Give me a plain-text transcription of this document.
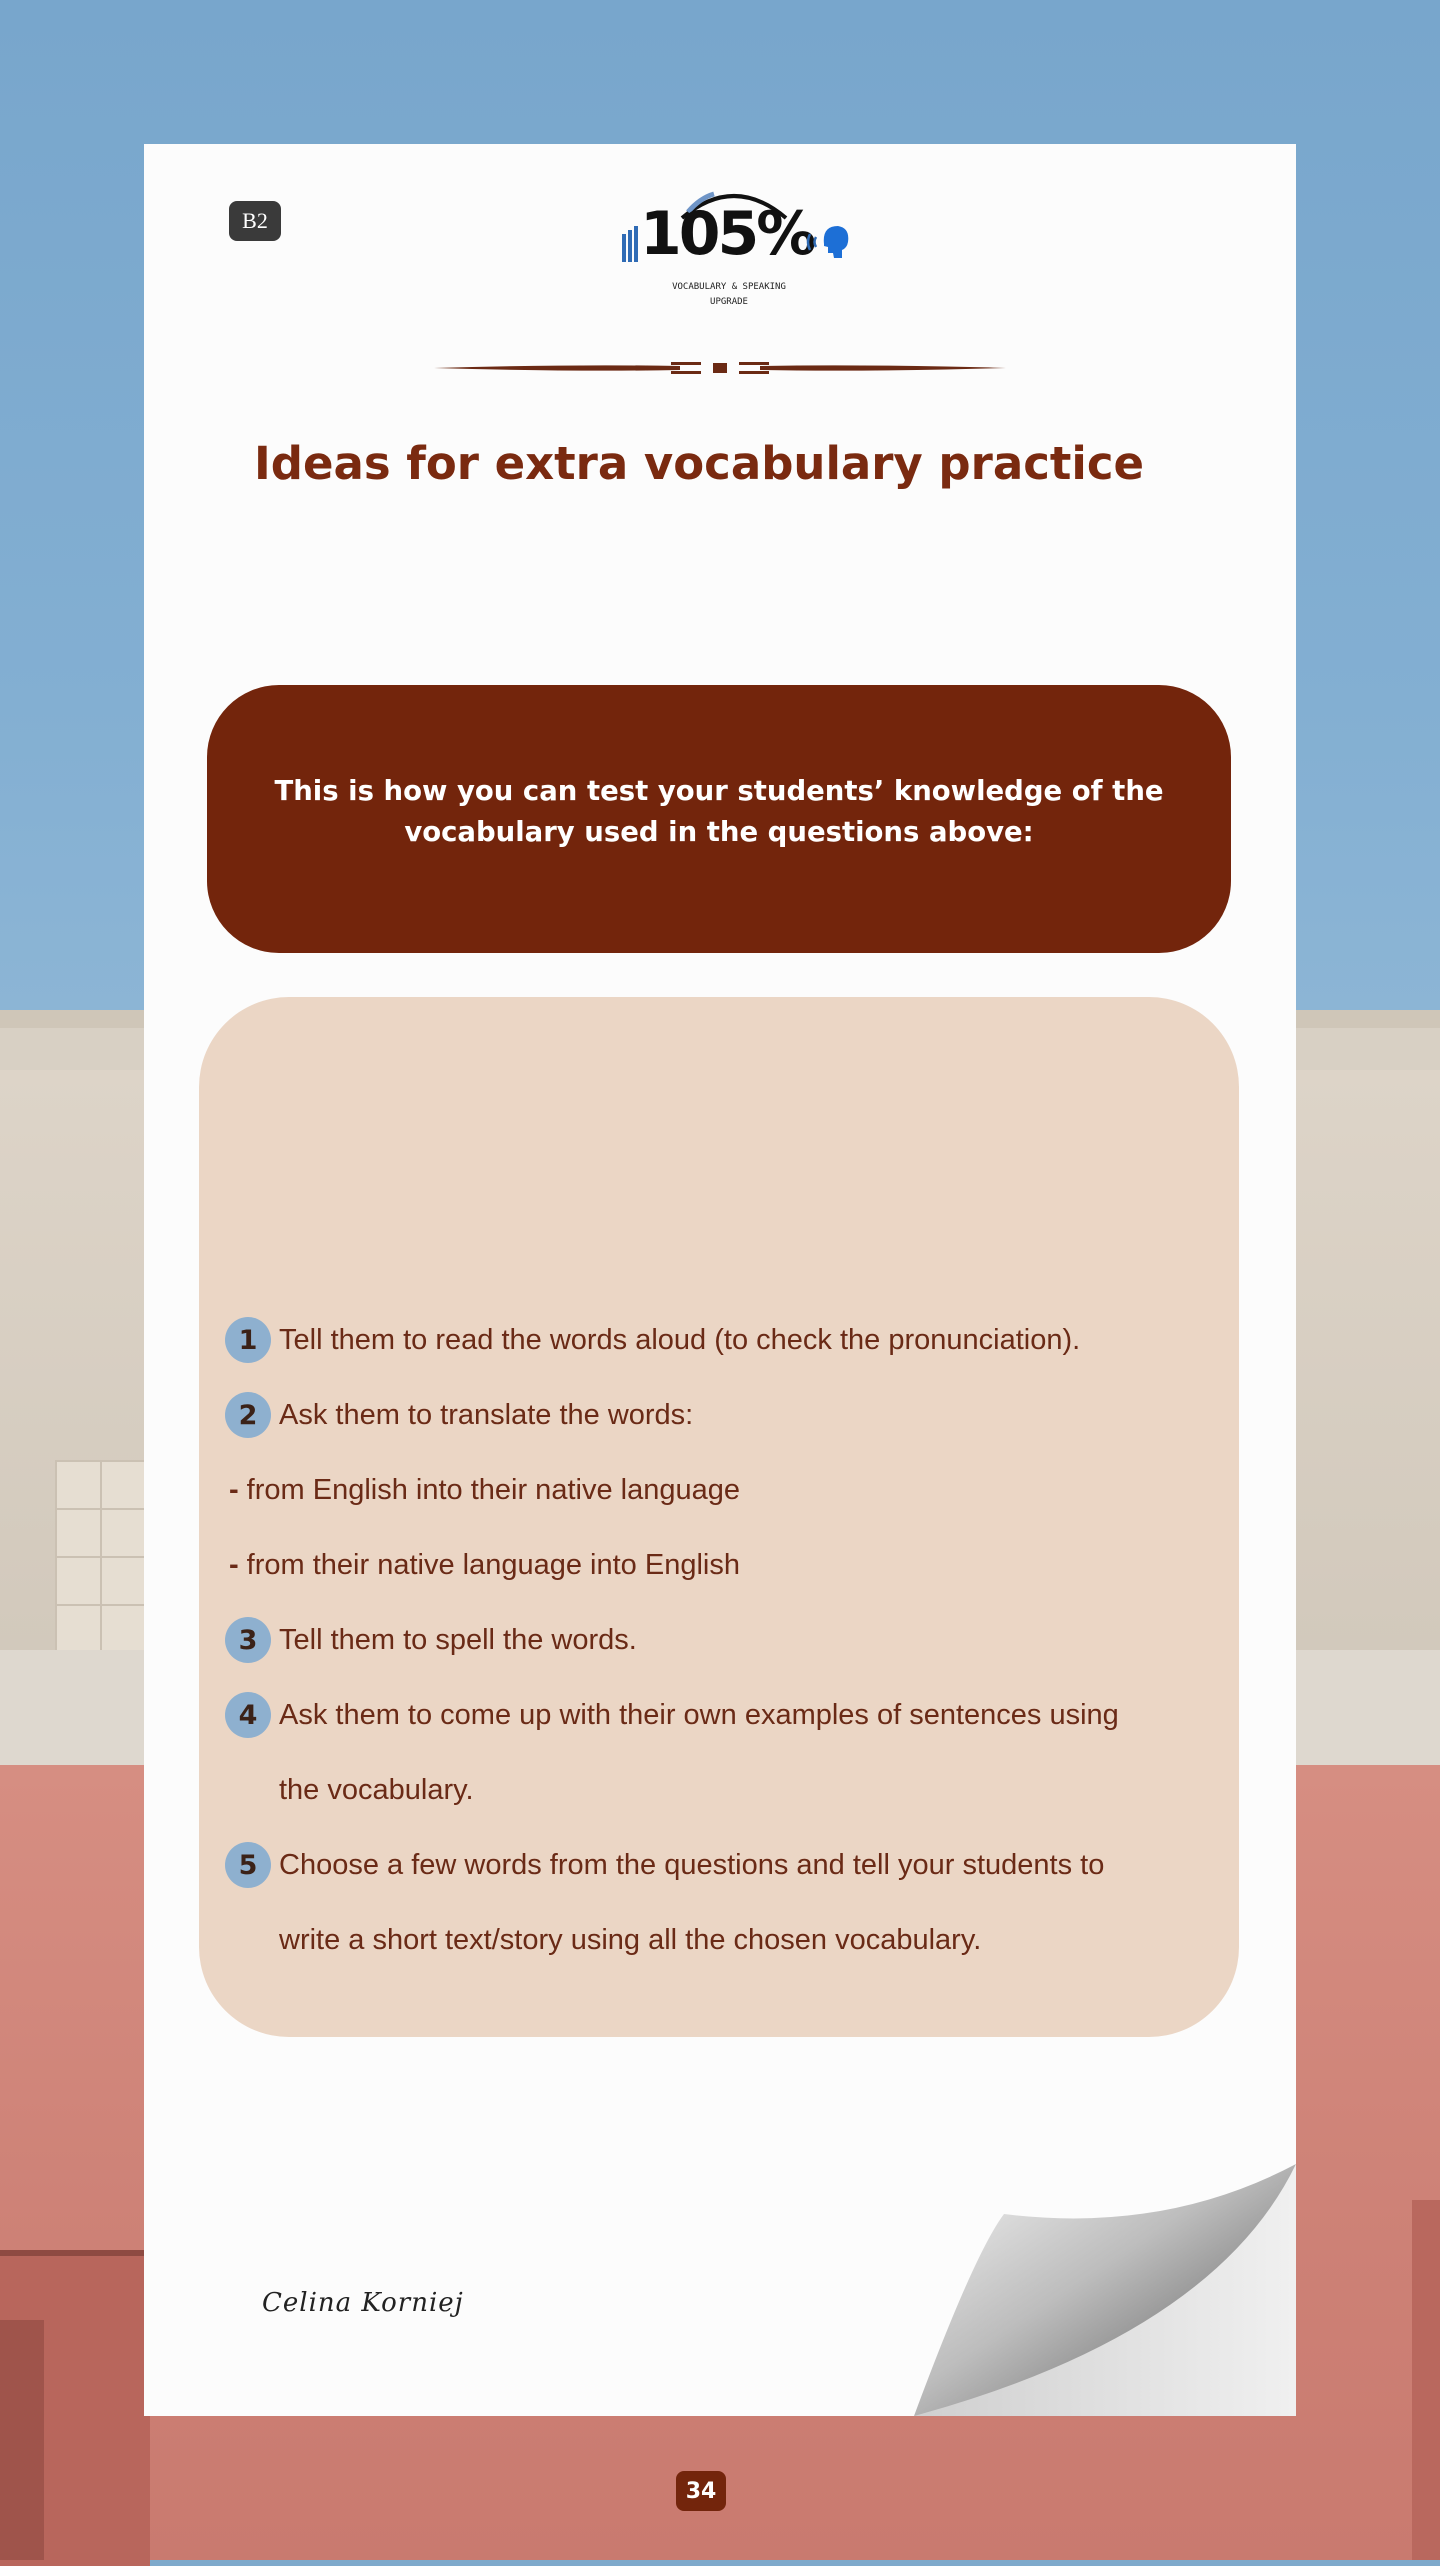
B2	105%
VOCABULARY & SPEAKING
UPGRADE
Ideas for extra vocabulary practice
This is how you can test your students’ knowledge of the vocabulary used in the questions above:
1 Tell them to read the words aloud (to check the pronunciation).
2 Ask them to translate the words:
- from English into their native language
- from their native language into English
3 Tell them to spell the words.
4 Ask them to come up with their own examples of sentences using
the vocabulary.
5 Choose a few words from the questions and tell your students to
write a short text/story using all the chosen vocabulary.
Celina Korniej
34
